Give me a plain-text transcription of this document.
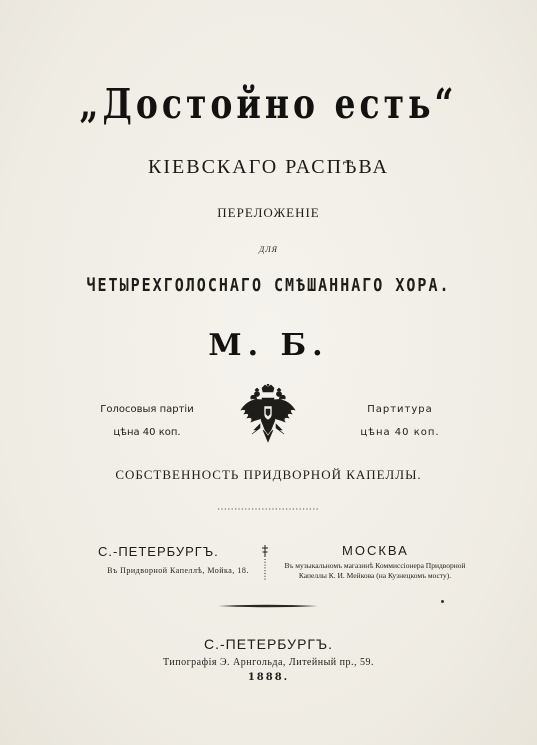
„Достойно есть“
КІЕВСКАГО РАСПѢВА
ПЕРЕЛОЖЕНІЕ
ДЛЯ
ЧЕТЫРЕХГОЛОСНАГО СМѢШАННАГО ХОРА.
М. Б.
Голосовыя партіи
цѣна 40 коп.
Партитура
цѣна 40 коп.
СОБСТВЕННОСТЬ ПРИДВОРНОЙ КАПЕЛЛЫ.
С.-ПЕТЕРБУРГЪ.
Въ Придворной Капеллѣ, Мойка, 18.
МОСКВА
Въ музыкальномъ магазинѣ Коммиссіонера Придворной
Капеллы К. И. Мейкова (на Кузнецкомъ мосту).
С.-ПЕТЕРБУРГЪ.
Типографія Э. Арнгольда, Литейный пр., 59.
1888.
